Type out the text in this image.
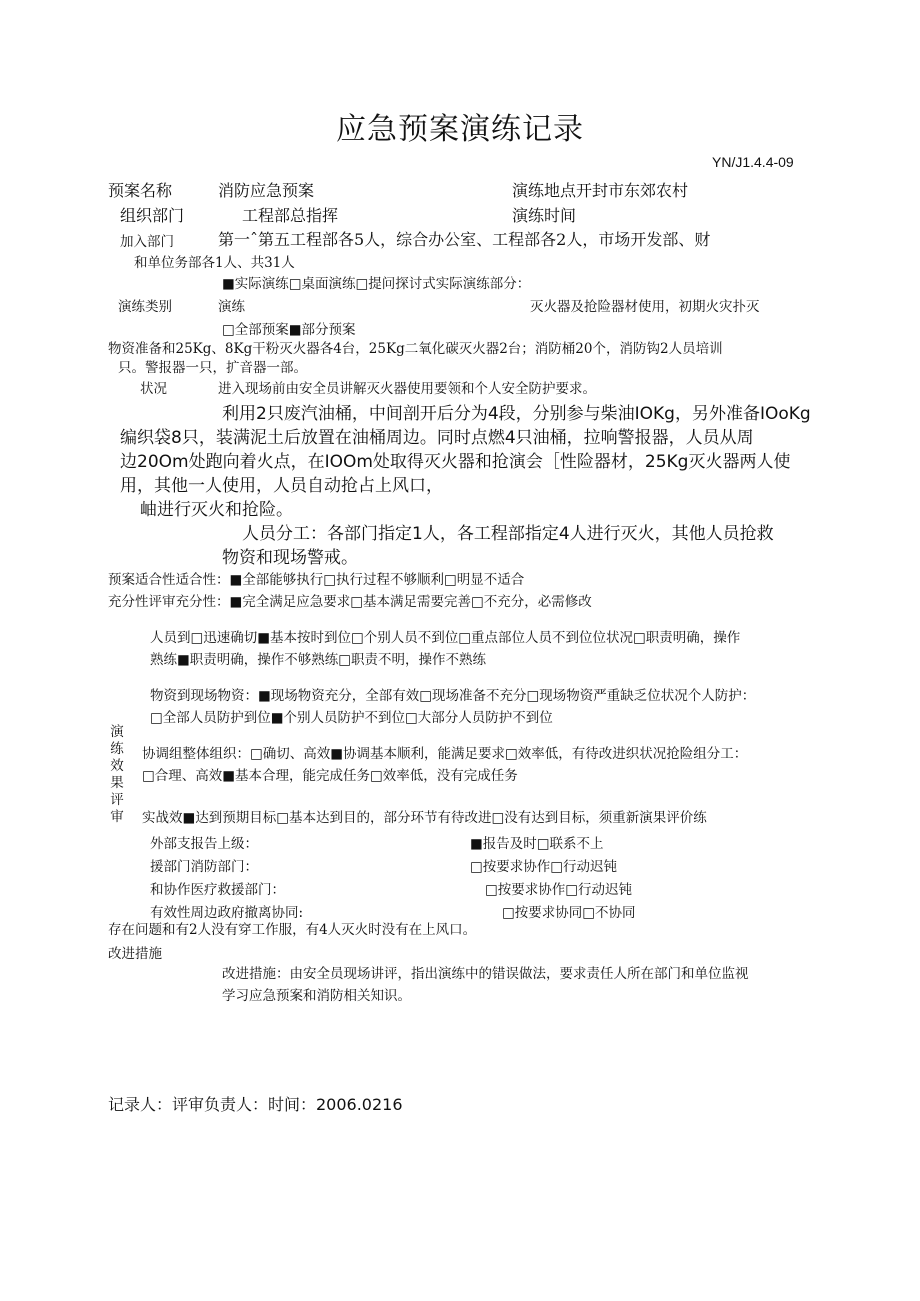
应急预案演练记录
YN/J1.4.4-09
预案名称	消防应急预案	演练地点开封市东郊农村
组织部门	工程部总指挥	演练时间
加入部门	第一ˆ第五工程部各5人，综合办公室、工程部各2人，市场开发部、财
和单位务部各1人、共31人
■实际演练□桌面演练□提问探讨式实际演练部分：
演练类别	演练	灭火器及抢险器材使用，初期火灾扑灭
□全部预案■部分预案
物资准备和25Kg、8Kg干粉灭火器各4台，25Kg二氧化碳灭火器2台；消防桶20个，消防钩2人员培训
只。警报器一只，扩音器一部。
状况	进入现场前由安全员讲解灭火器使用要领和个人安全防护要求。
利用2只废汽油桶，中间剖开后分为4段，分别参与柴油IOKg，另外准备IOoKg
编织袋8只，装满泥土后放置在油桶周边。同时点燃4只油桶，拉响警报器，人员从周
边20Om处跑向着火点，在IOOm处取得灭火器和抢演会［性险器材，25Kg灭火器两人使
用，其他一人使用，人员自动抢占上风口，
岫进行灭火和抢险。
人员分工：各部门指定1人，各工程部指定4人进行灭火，其他人员抢救
物资和现场警戒。
预案适合性适合性：■全部能够执行□执行过程不够顺利□明显不适合
充分性评审充分性：■完全满足应急要求□基本满足需要完善□不充分，必需修改
演练效果评审
人员到□迅速确切■基本按时到位□个别人员不到位□重点部位人员不到位位状况□职责明确，操作
熟练■职责明确，操作不够熟练□职责不明，操作不熟练
物资到现场物资：■现场物资充分，全部有效□现场准备不充分□现场物资严重缺乏位状况个人防护：
□全部人员防护到位■个别人员防护不到位□大部分人员防护不到位
协调组整体组织：□确切、高效■协调基本顺利，能满足要求□效率低，有待改进织状况抢险组分工：
□合理、高效■基本合理，能完成任务□效率低，没有完成任务
实战效■达到预期目标□基本达到目的，部分环节有待改进□没有达到目标，须重新演果评价练
外部支报告上级：	■报告及时□联系不上
援部门消防部门：	□按要求协作□行动迟钝
和协作医疗救援部门：	□按要求协作□行动迟钝
有效性周边政府撤离协同:	□按要求协同□不协同
存在问题和有2人没有穿工作服，有4人灭火时没有在上风口。
改进措施
改进措施：由安全员现场讲评，指出演练中的错误做法，要求责任人所在部门和单位监视
学习应急预案和消防相关知识。
记录人：评审负责人：时间：2006.0216
